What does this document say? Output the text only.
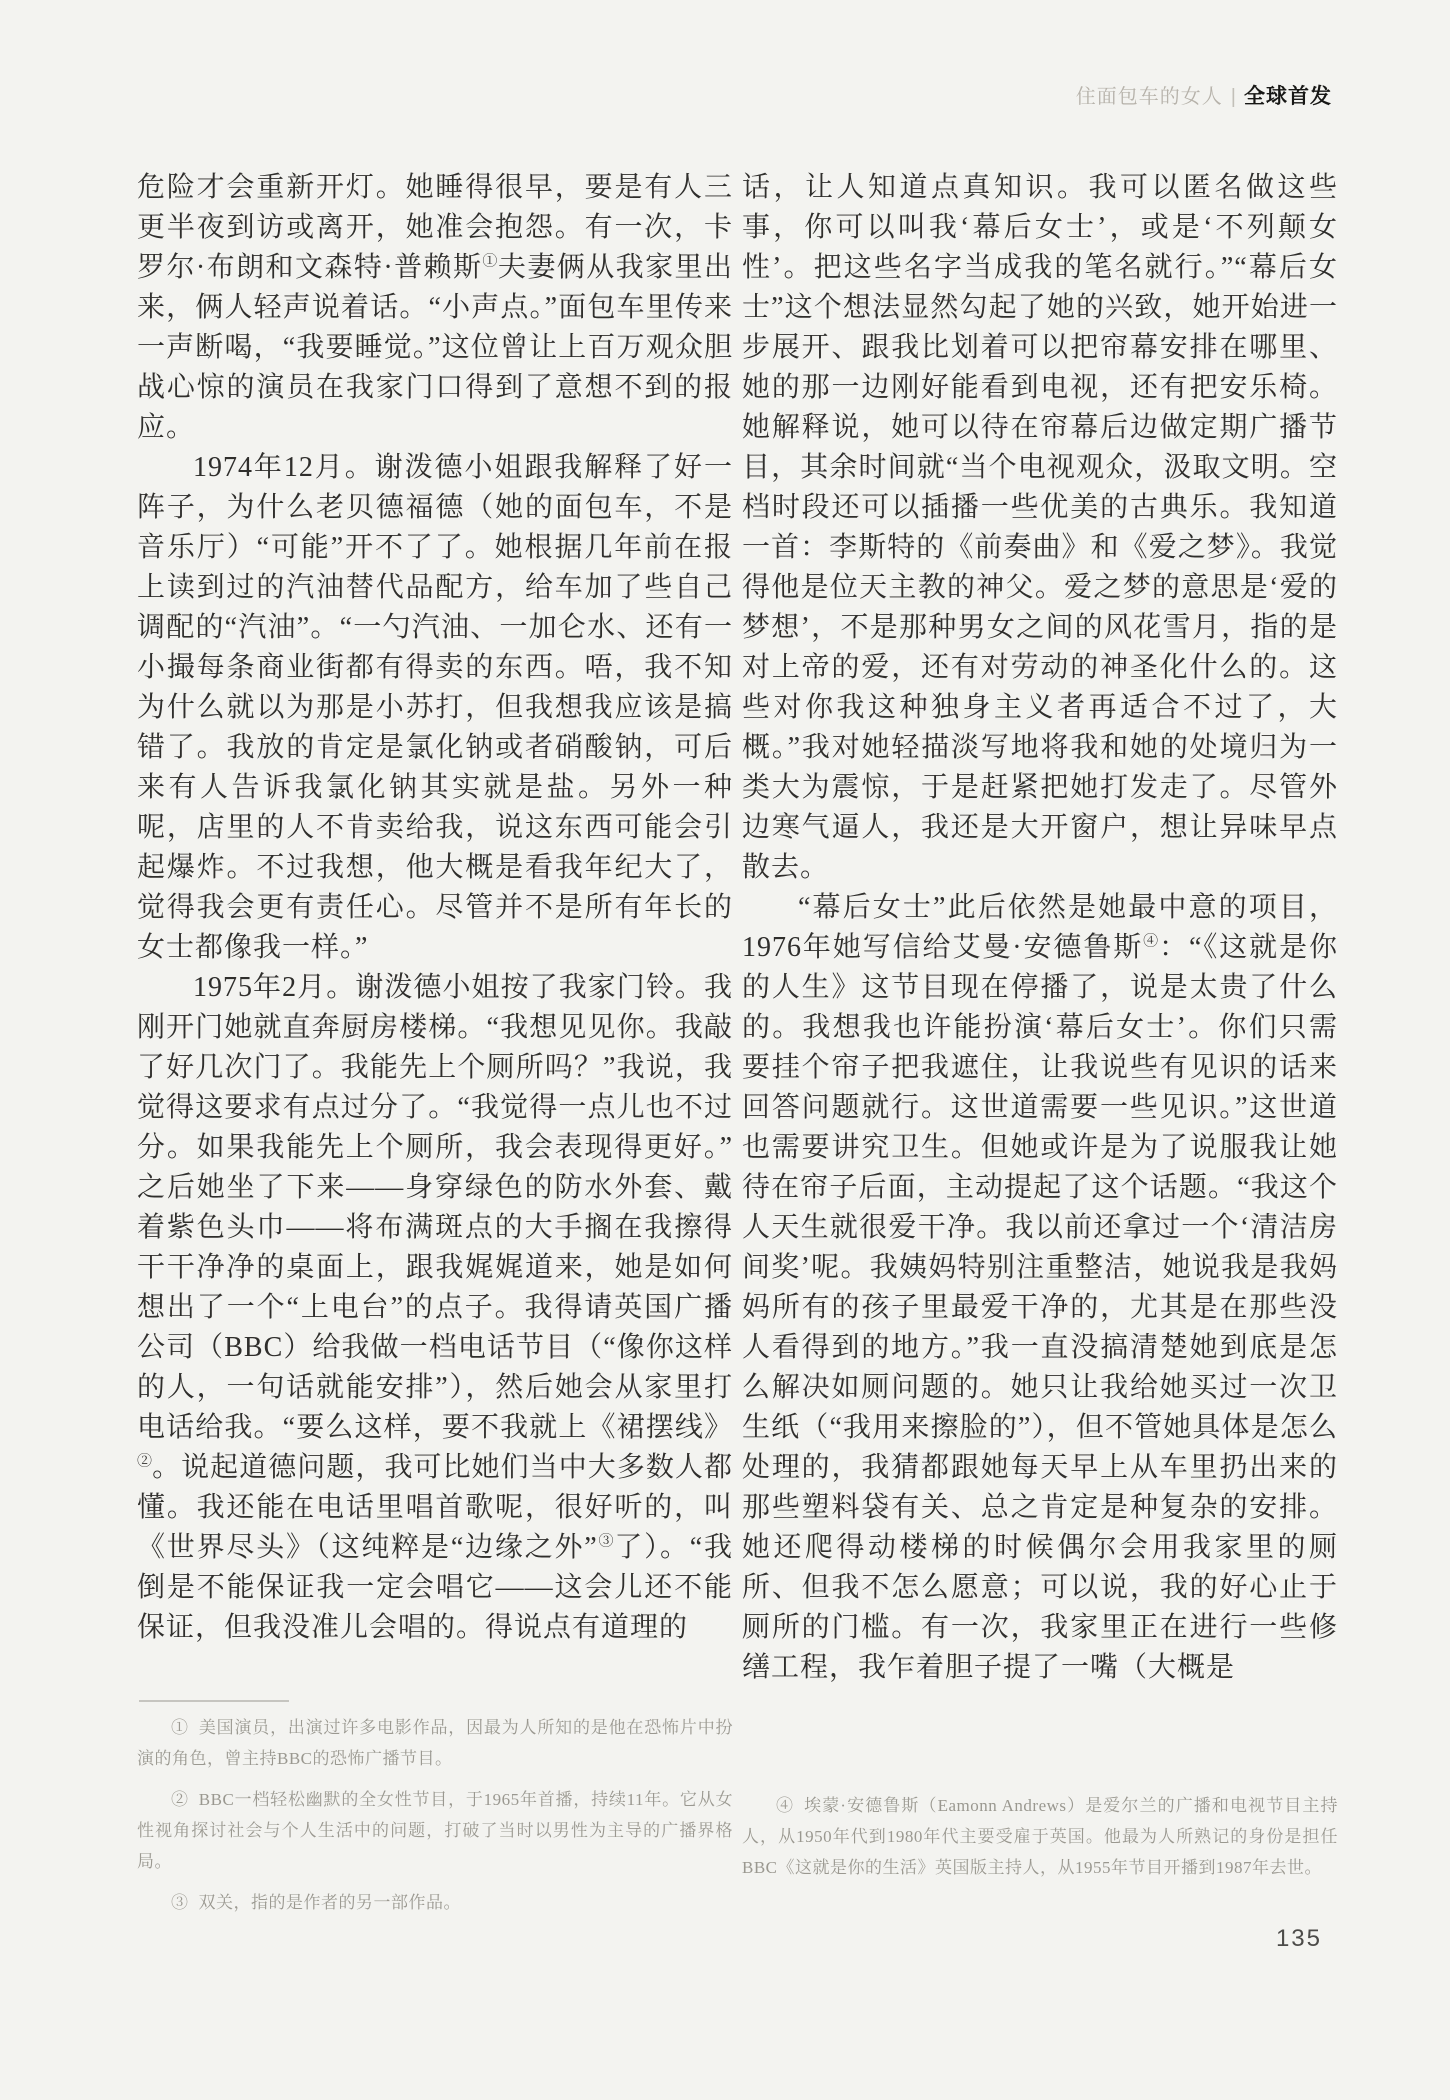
住面包车的女人 | 全球首发

危险才会重新开灯。她睡得很早，要是有人三更半夜到访或离开，她准会抱怨。有一次，卡罗尔·布朗和文森特·普赖斯①夫妻俩从我家里出来，俩人轻声说着话。“小声点。”面包车里传来一声断喝，“我要睡觉。”这位曾让上百万观众胆战心惊的演员在我家门口得到了意想不到的报应。

1974年12月。谢泼德小姐跟我解释了好一阵子，为什么老贝德福德（她的面包车，不是音乐厅）“可能”开不了了。她根据几年前在报上读到过的汽油替代品配方，给车加了些自己调配的“汽油”。“一勺汽油、一加仑水、还有一小撮每条商业街都有得卖的东西。唔，我不知为什么就以为那是小苏打，但我想我应该是搞错了。我放的肯定是氯化钠或者硝酸钠，可后来有人告诉我氯化钠其实就是盐。另外一种呢，店里的人不肯卖给我，说这东西可能会引起爆炸。不过我想，他大概是看我年纪大了，觉得我会更有责任心。尽管并不是所有年长的女士都像我一样。”

1975年2月。谢泼德小姐按了我家门铃。我刚开门她就直奔厨房楼梯。“我想见见你。我敲了好几次门了。我能先上个厕所吗？”我说，我觉得这要求有点过分了。“我觉得一点儿也不过分。如果我能先上个厕所，我会表现得更好。”之后她坐了下来——身穿绿色的防水外套、戴着紫色头巾——将布满斑点的大手搁在我擦得干干净净的桌面上，跟我娓娓道来，她是如何想出了一个“上电台”的点子。我得请英国广播公司（BBC）给我做一档电话节目（“像你这样的人，一句话就能安排”），然后她会从家里打电话给我。“要么这样，要不我就上《裙摆线》②。说起道德问题，我可比她们当中大多数人都懂。我还能在电话里唱首歌呢，很好听的，叫《世界尽头》（这纯粹是“边缘之外”③了）。“我倒是不能保证我一定会唱它——这会儿还不能保证，但我没准儿会唱的。得说点有道理的

话，让人知道点真知识。我可以匿名做这些事，你可以叫我‘幕后女士’，或是‘不列颠女性’。把这些名字当成我的笔名就行。”“幕后女士”这个想法显然勾起了她的兴致，她开始进一步展开、跟我比划着可以把帘幕安排在哪里、她的那一边刚好能看到电视，还有把安乐椅。她解释说，她可以待在帘幕后边做定期广播节目，其余时间就“当个电视观众，汲取文明。空档时段还可以插播一些优美的古典乐。我知道一首：李斯特的《前奏曲》和《爱之梦》。我觉得他是位天主教的神父。爱之梦的意思是‘爱的梦想’，不是那种男女之间的风花雪月，指的是对上帝的爱，还有对劳动的神圣化什么的。这些对你我这种独身主义者再适合不过了，大概。”我对她轻描淡写地将我和她的处境归为一类大为震惊，于是赶紧把她打发走了。尽管外边寒气逼人，我还是大开窗户，想让异味早点散去。

“幕后女士”此后依然是她最中意的项目，1976年她写信给艾曼·安德鲁斯④：“《这就是你的人生》这节目现在停播了，说是太贵了什么的。我想我也许能扮演‘幕后女士’。你们只需要挂个帘子把我遮住，让我说些有见识的话来回答问题就行。这世道需要一些见识。”这世道也需要讲究卫生。但她或许是为了说服我让她待在帘子后面，主动提起了这个话题。“我这个人天生就很爱干净。我以前还拿过一个‘清洁房间奖’呢。我姨妈特别注重整洁，她说我是我妈妈所有的孩子里最爱干净的，尤其是在那些没人看得到的地方。”我一直没搞清楚她到底是怎么解决如厕问题的。她只让我给她买过一次卫生纸（“我用来擦脸的”），但不管她具体是怎么处理的，我猜都跟她每天早上从车里扔出来的那些塑料袋有关、总之肯定是种复杂的安排。她还爬得动楼梯的时候偶尔会用我家里的厕所、但我不怎么愿意；可以说，我的好心止于厕所的门槛。有一次，我家里正在进行一些修缮工程，我乍着胆子提了一嘴（大概是

① 美国演员，出演过许多电影作品，因最为人所知的是他在恐怖片中扮演的角色，曾主持BBC的恐怖广播节目。

② BBC一档轻松幽默的全女性节目，于1965年首播，持续11年。它从女性视角探讨社会与个人生活中的问题，打破了当时以男性为主导的广播界格局。

③ 双关，指的是作者的另一部作品。

④ 埃蒙·安德鲁斯（Eamonn Andrews）是爱尔兰的广播和电视节目主持人，从1950年代到1980年代主要受雇于英国。他最为人所熟记的身份是担任BBC《这就是你的生活》英国版主持人，从1955年节目开播到1987年去世。

135
